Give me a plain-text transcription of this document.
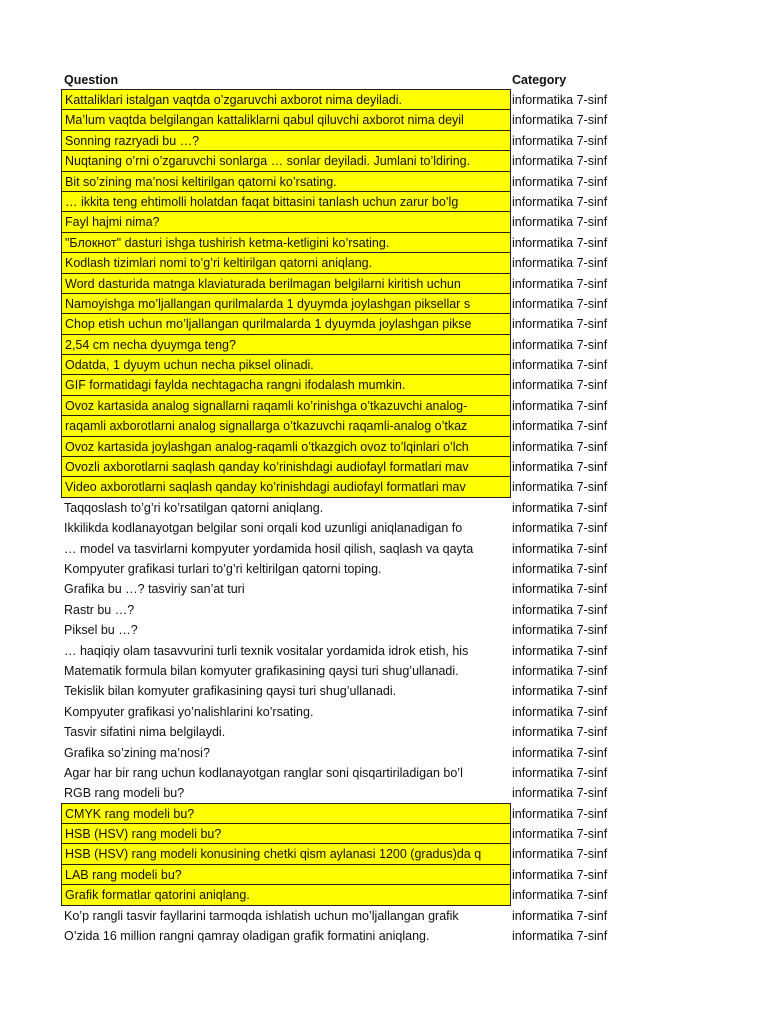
Question	Category
Kattaliklari istalgan vaqtda o’zgaruvchi axborot nima deyiladi.	informatika 7-sinf
Ma’lum vaqtda belgilangan kattaliklarni qabul qiluvchi axborot nima deyil	informatika 7-sinf
Sonning razryadi bu …?	informatika 7-sinf
Nuqtaning o’rni o’zgaruvchi sonlarga … sonlar deyiladi. Jumlani to’ldiring.	informatika 7-sinf
Bit so’zining ma’nosi keltirilgan qatorni ko’rsating.	informatika 7-sinf
… ikkita teng ehtimolli holatdan faqat bittasini tanlash uchun zarur bo’lg	informatika 7-sinf
Fayl hajmi nima?	informatika 7-sinf
"Блокнот" dasturi ishga tushirish ketma-ketligini ko’rsating.	informatika 7-sinf
Kodlash tizimlari nomi to’g’ri keltirilgan qatorni aniqlang.	informatika 7-sinf
Word dasturida matnga klaviaturada berilmagan belgilarni kiritish uchun	informatika 7-sinf
Namoyishga mo’ljallangan qurilmalarda 1 dyuymda joylashgan piksellar s	informatika 7-sinf
Chop etish uchun mo’ljallangan qurilmalarda 1 dyuymda joylashgan pikse	informatika 7-sinf
2,54 cm necha dyuymga teng?	informatika 7-sinf
Odatda, 1 dyuym uchun necha piksel olinadi.	informatika 7-sinf
GIF formatidagi faylda nechtagacha rangni ifodalash mumkin.	informatika 7-sinf
Ovoz kartasida analog signallarni raqamli ko’rinishga o’tkazuvchi analog-	informatika 7-sinf
raqamli axborotlarni analog signallarga o’tkazuvchi raqamli-analog o’tkaz	informatika 7-sinf
Ovoz kartasida joylashgan analog-raqamli o’tkazgich ovoz to’lqinlari o’lch	informatika 7-sinf
Ovozli axborotlarni saqlash qanday ko’rinishdagi audiofayl formatlari mav	informatika 7-sinf
Video axborotlarni saqlash qanday ko’rinishdagi audiofayl formatlari mav	informatika 7-sinf
Taqqoslash to’g’ri ko’rsatilgan qatorni aniqlang.	informatika 7-sinf
Ikkilikda kodlanayotgan belgilar soni orqali kod uzunligi aniqlanadigan fo	informatika 7-sinf
… model va tasvirlarni kompyuter yordamida hosil qilish, saqlash va qayta	informatika 7-sinf
Kompyuter grafikasi turlari to’g’ri keltirilgan qatorni toping.	informatika 7-sinf
Grafika bu …? tasviriy san’at turi	informatika 7-sinf
Rastr bu …?	informatika 7-sinf
Piksel bu …?	informatika 7-sinf
… haqiqiy olam tasavvurini turli texnik vositalar yordamida idrok etish, his	informatika 7-sinf
Matematik formula bilan komyuter grafikasining qaysi turi shug’ullanadi.	informatika 7-sinf
Tekislik bilan komyuter grafikasining qaysi turi shug’ullanadi.	informatika 7-sinf
Kompyuter grafikasi yo’nalishlarini ko’rsating.	informatika 7-sinf
Tasvir sifatini nima belgilaydi.	informatika 7-sinf
Grafika so’zining ma’nosi?	informatika 7-sinf
Agar har bir rang uchun kodlanayotgan ranglar soni qisqartiriladigan bo’l	informatika 7-sinf
RGB rang modeli bu?	informatika 7-sinf
CMYK rang modeli bu?	informatika 7-sinf
HSB (HSV) rang modeli bu?	informatika 7-sinf
HSB (HSV) rang modeli konusining chetki qism aylanasi 1200 (gradus)da q	informatika 7-sinf
LAB rang modeli bu?	informatika 7-sinf
Grafik formatlar qatorini aniqlang.	informatika 7-sinf
Ko’p rangli tasvir fayllarini tarmoqda ishlatish uchun mo’ljallangan grafik	informatika 7-sinf
O’zida 16 million rangni qamray oladigan grafik formatini aniqlang.	informatika 7-sinf
